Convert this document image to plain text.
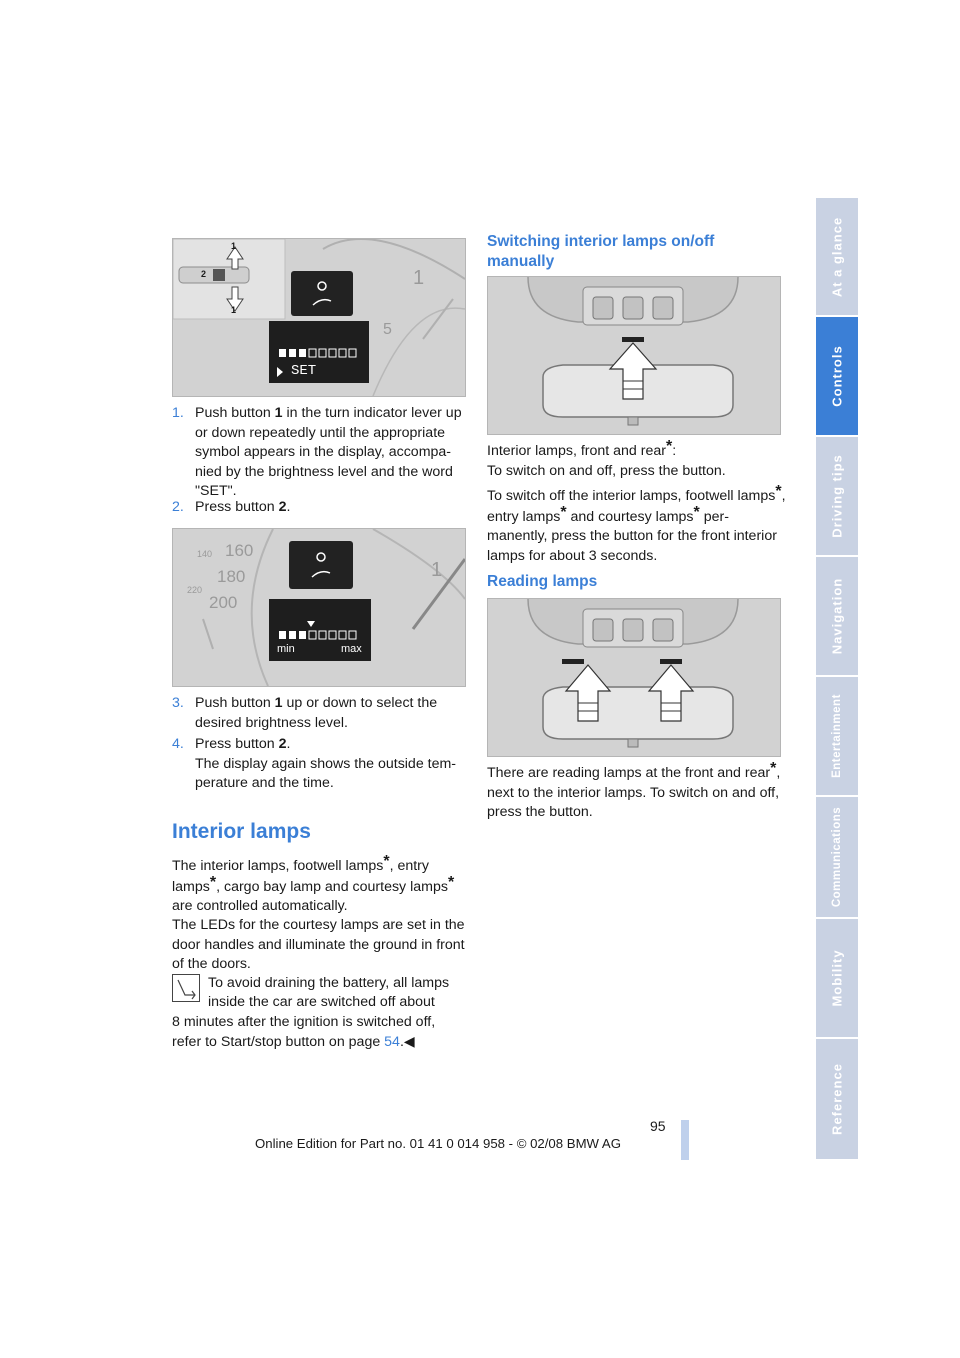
At a glance
Controls
Driving tips
Navigation
Entertainment
Communications
Mobility
Reference
1
5
1
2
1
SET
1. Push button 1 in the turn indicator lever up or down repeatedly until the appropriate symbol appears in the display, accompa-nied by the brightness level and the word "SET".
2. Press button 2.
160
180
200
140
220
1
min	max
3. Push button 1 up or down to select the desired brightness level.
4. Press button 2.
The display again shows the outside tem-perature and the time.
Interior lamps
The interior lamps, footwell lamps*, entry lamps*, cargo bay lamp and courtesy lamps* are controlled automatically.
The LEDs for the courtesy lamps are set in the door handles and illuminate the ground in front of the doors.
To avoid draining the battery, all lamps
inside the car are switched off about
8 minutes after the ignition is switched off, refer to Start/stop button on page 54.◀
Switching interior lamps on/off
manually
Interior lamps, front and rear*:
To switch on and off, press the button.
To switch off the interior lamps, footwell lamps*, entry lamps* and courtesy lamps* per-manently, press the button for the front interior lamps for about 3 seconds.
Reading lamps
There are reading lamps at the front and rear*, next to the interior lamps. To switch on and off, press the button.
95
Online Edition for Part no. 01 41 0 014 958 - © 02/08 BMW AG
